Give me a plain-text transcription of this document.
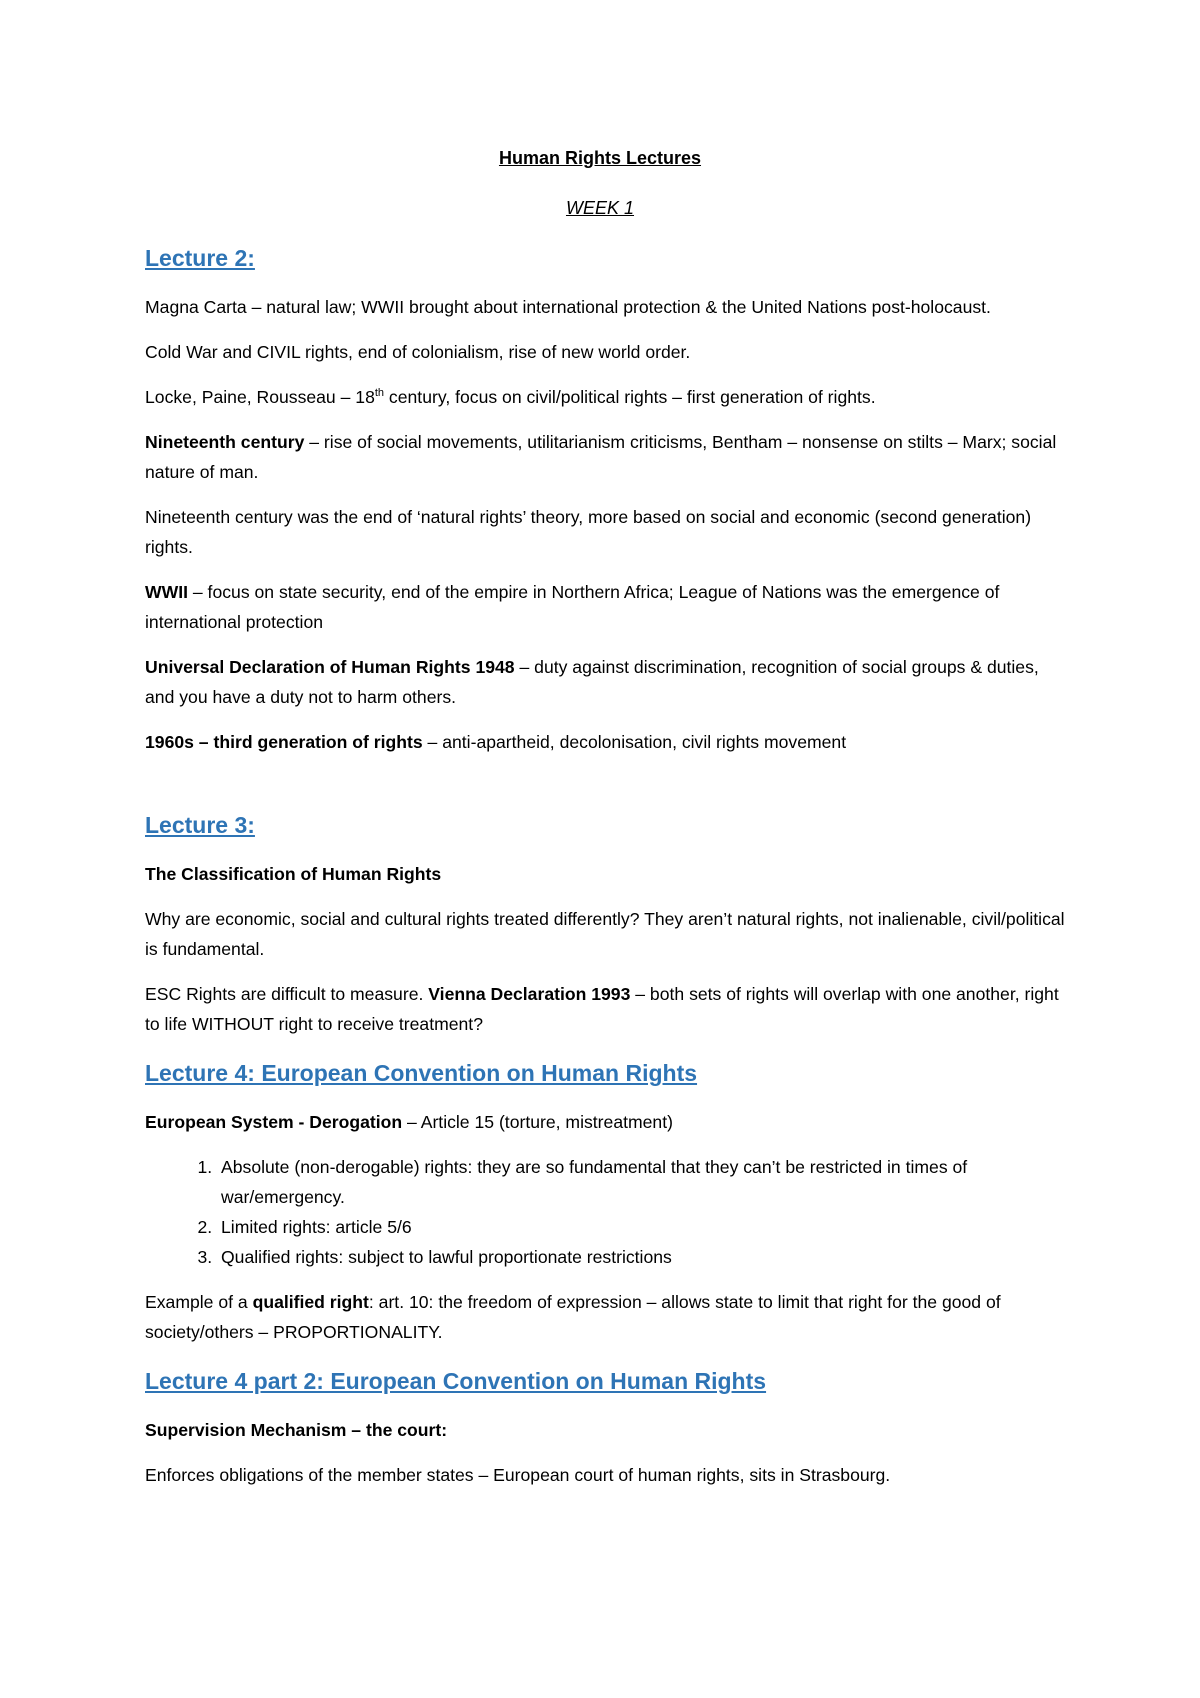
Human Rights Lectures
WEEK 1
Lecture 2:

Magna Carta – natural law; WWII brought about international protection & the United Nations post-holocaust.

Cold War and CIVIL rights, end of colonialism, rise of new world order.

Locke, Paine, Rousseau – 18th century, focus on civil/political rights – first generation of rights.

Nineteenth century – rise of social movements, utilitarianism criticisms, Bentham – nonsense on stilts – Marx; social nature of man.

Nineteenth century was the end of ‘natural rights’ theory, more based on social and economic (second generation) rights.

WWII – focus on state security, end of the empire in Northern Africa; League of Nations was the emergence of international protection

Universal Declaration of Human Rights 1948 – duty against discrimination, recognition of social groups & duties, and you have a duty not to harm others.

1960s – third generation of rights – anti-apartheid, decolonisation, civil rights movement

Lecture 3:

The Classification of Human Rights

Why are economic, social and cultural rights treated differently? They aren’t natural rights, not inalienable, civil/political is fundamental.

ESC Rights are difficult to measure. Vienna Declaration 1993 – both sets of rights will overlap with one another, right to life WITHOUT right to receive treatment?

Lecture 4: European Convention on Human Rights

European System - Derogation – Article 15 (torture, mistreatment)

1. Absolute (non-derogable) rights: they are so fundamental that they can’t be restricted in times of war/emergency.
2. Limited rights: article 5/6
3. Qualified rights: subject to lawful proportionate restrictions

Example of a qualified right: art. 10: the freedom of expression – allows state to limit that right for the good of society/others – PROPORTIONALITY.

Lecture 4 part 2: European Convention on Human Rights

Supervision Mechanism – the court:

Enforces obligations of the member states – European court of human rights, sits in Strasbourg.
